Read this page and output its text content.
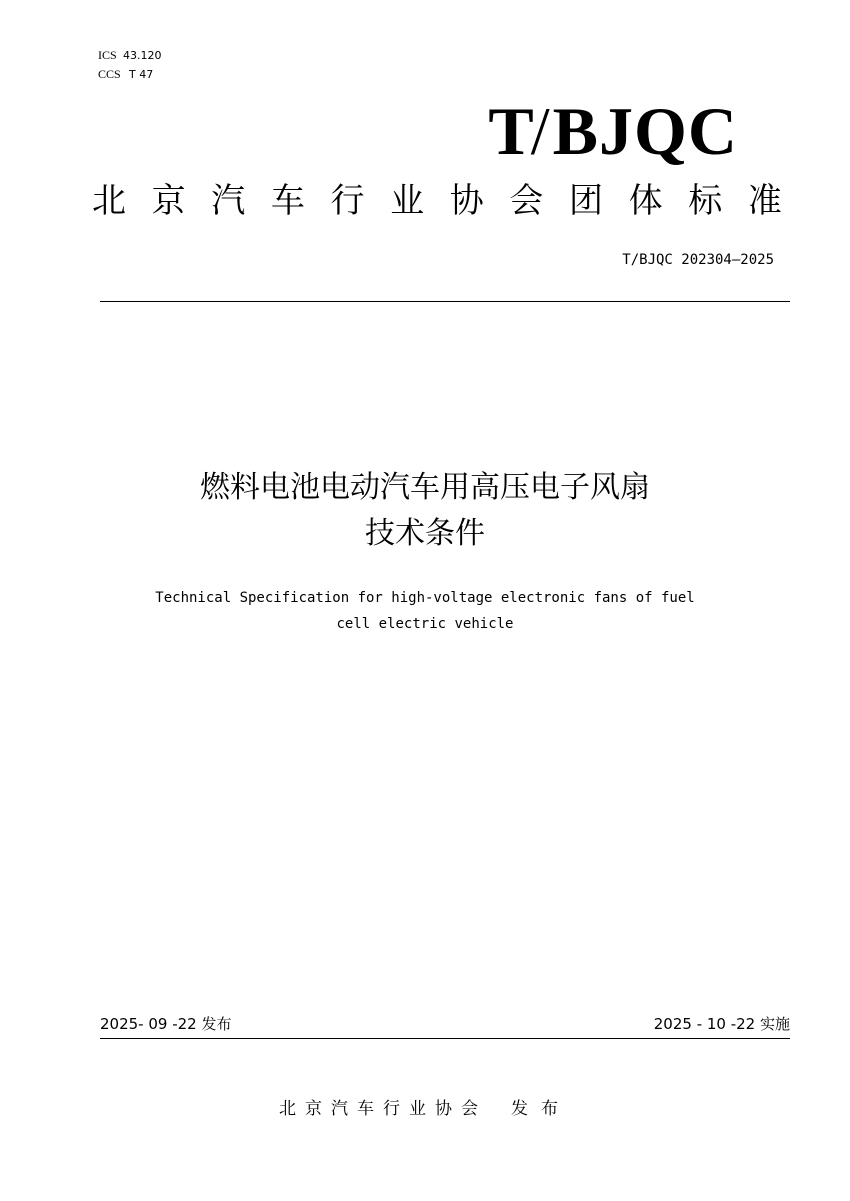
ICS 43.120
CCS T 47
T/BJQC
北 京 汽 车 行 业 协 会 团 体 标 准
T/BJQC 202304—2025
燃料电池电动汽车用高压电子风扇
技术条件
Technical Specification for high-voltage electronic fans of fuel
cell electric vehicle
2025- 09 -22 发布	2025 - 10 -22 实施
北京汽车行业协会 发布
